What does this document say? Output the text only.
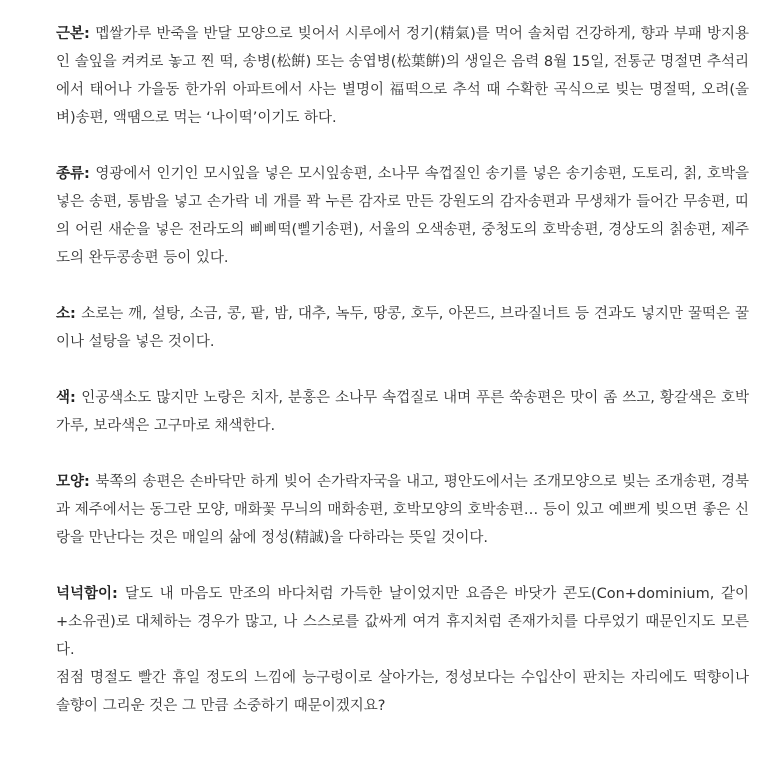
근본: 멥쌀가루 반죽을 반달 모양으로 빚어서 시루에서 정기(精氣)를 먹어 솔처럼 건강하게, 향과 부패 방지용인 솔잎을 켜켜로 놓고 찐 떡, 송병(松餠) 또는 송엽병(松葉餠)의 생일은 음력 8월 15일, 전통군 명절면 추석리에서 태어나 가을동 한가위 아파트에서 사는 별명이 福떡으로 추석 때 수확한 곡식으로 빚는 명절떡, 오려(올벼)송편, 액땜으로 먹는 ‘나이떡’이기도 하다.

종류: 영광에서 인기인 모시잎을 넣은 모시잎송편, 소나무 속껍질인 송기를 넣은 송기송편, 도토리, 칡, 호박을 넣은 송편, 통밤을 넣고 손가락 네 개를 꽉 누른 감자로 만든 강원도의 감자송편과 무생채가 들어간 무송편, 띠의 어린 새순을 넣은 전라도의 삐삐떡(삘기송편), 서울의 오색송편, 중청도의 호박송편, 경상도의 칡송편, 제주도의 완두콩송편 등이 있다.

소: 소로는 깨, 설탕, 소금, 콩, 팥, 밤, 대추, 녹두, 땅콩, 호두, 아몬드, 브라질너트 등 견과도 넣지만 꿀떡은 꿀이나 설탕을 넣은 것이다.

색: 인공색소도 많지만 노랑은 치자, 분홍은 소나무 속껍질로 내며 푸른 쑥송편은 맛이 좀 쓰고, 황갈색은 호박가루, 보라색은 고구마로 채색한다.

모양: 북쪽의 송편은 손바닥만 하게 빚어 손가락자국을 내고, 평안도에서는 조개모양으로 빚는 조개송편, 경북과 제주에서는 동그란 모양, 매화꽃 무늬의 매화송편, 호박모양의 호박송편… 등이 있고 예쁘게 빚으면 좋은 신랑을 만난다는 것은 매일의 삶에 정성(精誠)을 다하라는 뜻일 것이다.

넉넉함이: 달도 내 마음도 만조의 바다처럼 가득한 날이었지만 요즘은 바닷가 콘도(Con+dominium, 같이+소유권)로 대체하는 경우가 많고, 나 스스로를 값싸게 여겨 휴지처럼 존재가치를 다루었기 때문인지도 모른다.

점점 명절도 빨간 휴일 정도의 느낌에 능구렁이로 살아가는, 정성보다는 수입산이 판치는 자리에도 떡향이나 솔향이 그리운 것은 그 만큼 소중하기 때문이겠지요?
